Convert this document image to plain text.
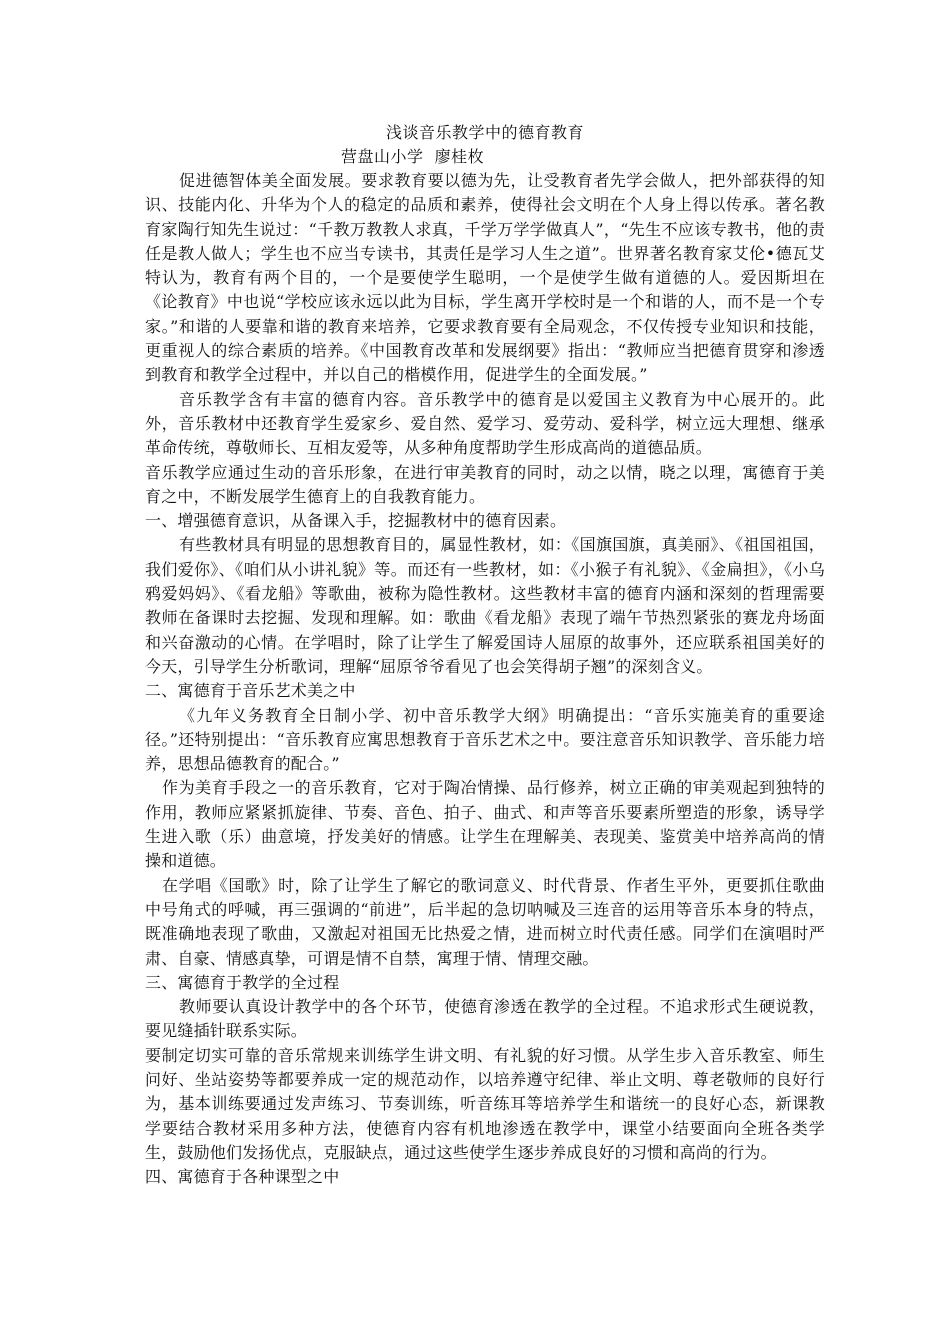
浅谈音乐教学中的德育教育
营盘山小学  廖桂枚

促进德智体美全面发展。要求教育要以德为先，让受教育者先学会做人，把外部获得的知识、技能内化、升华为个人的稳定的品质和素养，使得社会文明在个人身上得以传承。著名教育家陶行知先生说过：“千教万教教人求真，千学万学学做真人”，“先生不应该专教书，他的责任是教人做人；学生也不应当专读书，其责任是学习人生之道”。世界著名教育家艾伦•德瓦艾特认为，教育有两个目的，一个是要使学生聪明，一个是使学生做有道德的人。爱因斯坦在《论教育》中也说“学校应该永远以此为目标，学生离开学校时是一个和谐的人，而不是一个专家。”和谐的人要靠和谐的教育来培养，它要求教育要有全局观念，不仅传授专业知识和技能，更重视人的综合素质的培养。《中国教育改革和发展纲要》指出：“教师应当把德育贯穿和渗透到教育和教学全过程中，并以自己的楷模作用，促进学生的全面发展。”

音乐教学含有丰富的德育内容。音乐教学中的德育是以爱国主义教育为中心展开的。此外，音乐教材中还教育学生爱家乡、爱自然、爱学习、爱劳动、爱科学，树立远大理想、继承革命传统，尊敬师长、互相友爱等，从多种角度帮助学生形成高尚的道德品质。

音乐教学应通过生动的音乐形象，在进行审美教育的同时，动之以情，晓之以理，寓德育于美育之中，不断发展学生德育上的自我教育能力。

一、增强德育意识，从备课入手，挖掘教材中的德育因素。

有些教材具有明显的思想教育目的，属显性教材，如：《国旗国旗，真美丽》、《祖国祖国，我们爱你》、《咱们从小讲礼貌》等。而还有一些教材，如：《小猴子有礼貌》、《金扁担》，《小乌鸦爱妈妈》、《看龙船》等歌曲，被称为隐性教材。这些教材丰富的德育内涵和深刻的哲理需要教师在备课时去挖掘、发现和理解。如：歌曲《看龙船》表现了端午节热烈紧张的赛龙舟场面和兴奋激动的心情。在学唱时，除了让学生了解爱国诗人屈原的故事外，还应联系祖国美好的今天，引导学生分析歌词，理解“屈原爷爷看见了也会笑得胡子翘”的深刻含义。

二、寓德育于音乐艺术美之中

《九年义务教育全日制小学、初中音乐教学大纲》明确提出：“音乐实施美育的重要途径。”还特别提出：“音乐教育应寓思想教育于音乐艺术之中。要注意音乐知识教学、音乐能力培养，思想品德教育的配合。”

作为美育手段之一的音乐教育，它对于陶冶情操、品行修养，树立正确的审美观起到独特的作用，教师应紧紧抓旋律、节奏、音色、拍子、曲式、和声等音乐要素所塑造的形象，诱导学生进入歌（乐）曲意境，抒发美好的情感。让学生在理解美、表现美、鉴赏美中培养高尚的情操和道德。

在学唱《国歌》时，除了让学生了解它的歌词意义、时代背景、作者生平外，更要抓住歌曲中号角式的呼喊，再三强调的“前进”，后半起的急切呐喊及三连音的运用等音乐本身的特点，既准确地表现了歌曲，又激起对祖国无比热爱之情，进而树立时代责任感。同学们在演唱时严肃、自豪、情感真挚，可谓是情不自禁，寓理于情、情理交融。

三、寓德育于教学的全过程

教师要认真设计教学中的各个环节，使德育渗透在教学的全过程。不追求形式生硬说教，要见缝插针联系实际。

要制定切实可靠的音乐常规来训练学生讲文明、有礼貌的好习惯。从学生步入音乐教室、师生问好、坐站姿势等都要养成一定的规范动作，以培养遵守纪律、举止文明、尊老敬师的良好行为，基本训练要通过发声练习、节奏训练，听音练耳等培养学生和谐统一的良好心态，新课教学要结合教材采用多种方法，使德育内容有机地渗透在教学中，课堂小结要面向全班各类学生，鼓励他们发扬优点，克服缺点，通过这些使学生逐步养成良好的习惯和高尚的行为。

四、寓德育于各种课型之中
